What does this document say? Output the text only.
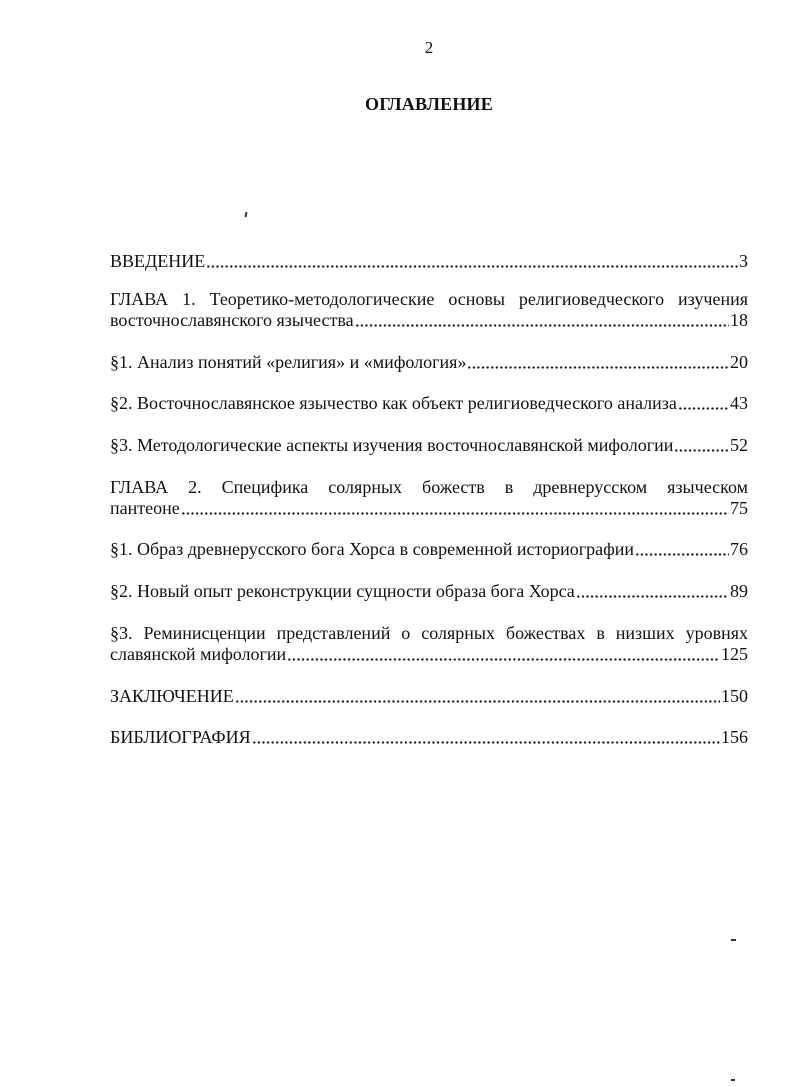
2
ОГЛАВЛЕНИЕ
ВВЕДЕНИЕ	3
ГЛАВА 1. Теоретико-методологические основы религиоведческого изучения
восточнославянского язычества	18
§1. Анализ понятий «религия» и «мифология»	20
§2. Восточнославянское язычество как объект религиоведческого анализа	43
§3. Методологические аспекты изучения восточнославянской мифологии	52
ГЛАВА 2. Специфика солярных божеств в древнерусском языческом
пантеоне	75
§1. Образ древнерусского бога Хорса в современной историографии	76
§2. Новый опыт реконструкции сущности образа бога Хорса	89
§3. Реминисценции представлений о солярных божествах в низших уровнях
славянской мифологии	125
ЗАКЛЮЧЕНИЕ	150
БИБЛИОГРАФИЯ	156
